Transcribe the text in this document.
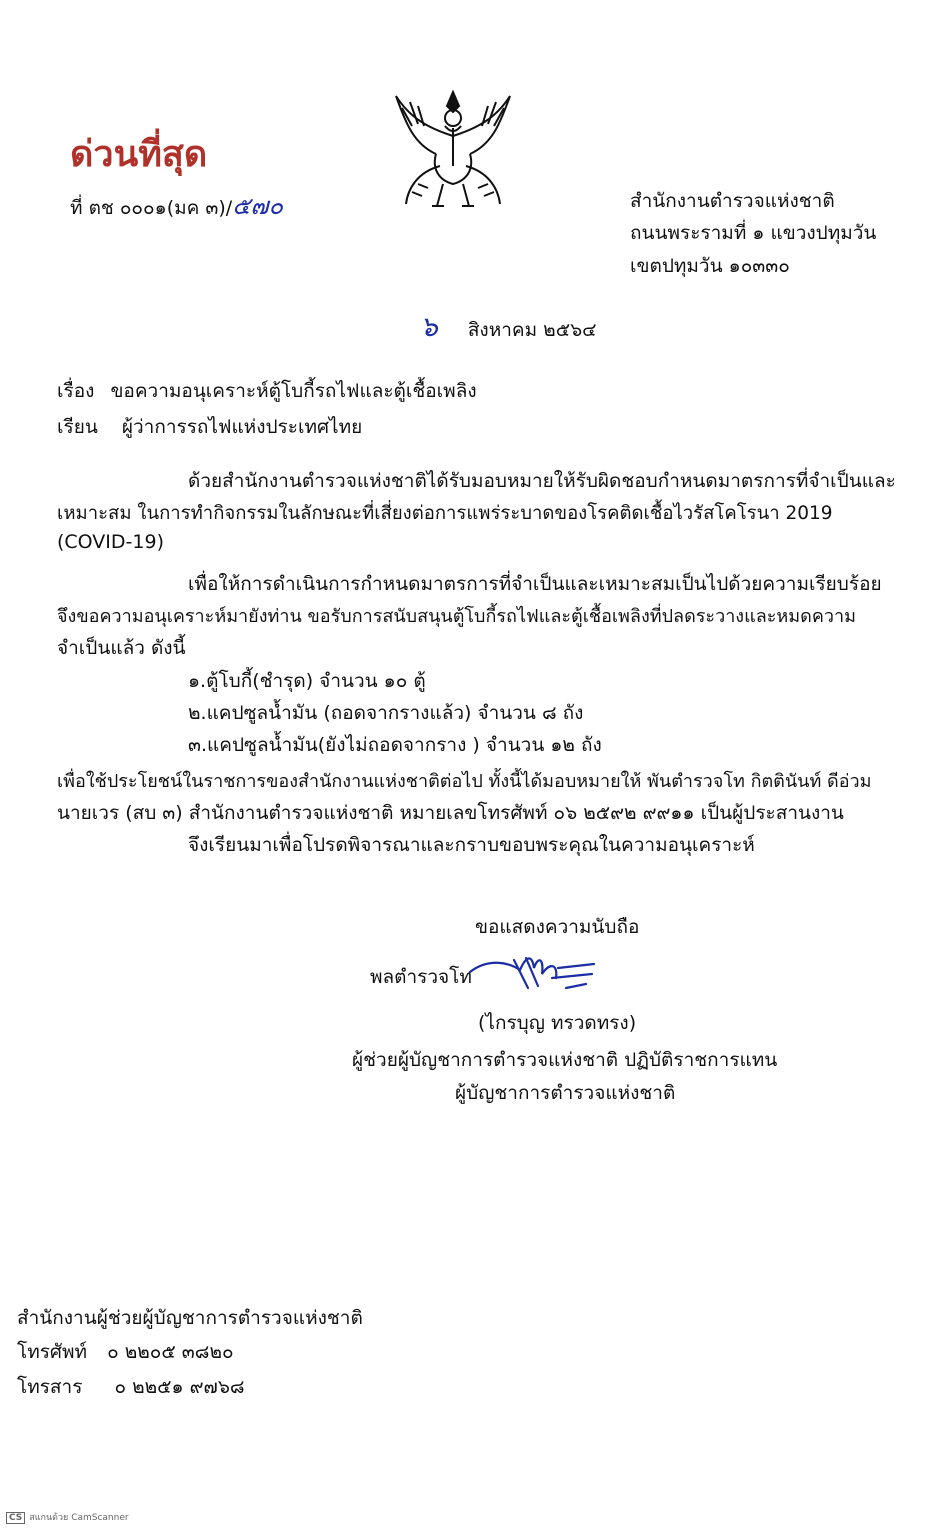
ด่วนที่สุด
ที่ ตช ๐๐๐๑(มค ๓)/๕๗๐	สำนักงานตำรวจแห่งชาติ
ถนนพระรามที่ ๑ แขวงปทุมวัน
เขตปทุมวัน ๑๐๓๓๐
๖ สิงหาคม ๒๕๖๔
เรื่อง ขอความอนุเคราะห์ตู้โบกี้รถไฟและตู้เชื้อเพลิง
เรียน ผู้ว่าการรถไฟแห่งประเทศไทย
ด้วยสำนักงานตำรวจแห่งชาติได้รับมอบหมายให้รับผิดชอบกำหนดมาตรการที่จำเป็นและ
เหมาะสม ในการทำกิจกรรมในลักษณะที่เสี่ยงต่อการแพร่ระบาดของโรคติดเชื้อไวรัสโคโรนา 2019
(COVID-19)
เพื่อให้การดำเนินการกำหนดมาตรการที่จำเป็นและเหมาะสมเป็นไปด้วยความเรียบร้อย
จึงขอความอนุเคราะห์มายังท่าน ขอรับการสนับสนุนตู้โบกี้รถไฟและตู้เชื้อเพลิงที่ปลดระวางและหมดความ
จำเป็นแล้ว ดังนี้
๑.ตู้โบกี้(ชำรุด) จำนวน ๑๐ ตู้
๒.แคปซูลน้ำมัน (ถอดจากรางแล้ว) จำนวน ๘ ถัง
๓.แคปซูลน้ำมัน(ยังไม่ถอดจากราง ) จำนวน ๑๒ ถัง
เพื่อใช้ประโยชน์ในราชการของสำนักงานแห่งชาติต่อไป ทั้งนี้ได้มอบหมายให้ พันตำรวจโท กิตตินันท์ ดีอ่วม
นายเวร (สบ ๓) สำนักงานตำรวจแห่งชาติ หมายเลขโทรศัพท์ ๐๖ ๒๕๙๒ ๙๙๑๑ เป็นผู้ประสานงาน
จึงเรียนมาเพื่อโปรดพิจารณาและกราบขอบพระคุณในความอนุเคราะห์
ขอแสดงความนับถือ
พลตำรวจโท
(ไกรบุญ ทรวดทรง)
ผู้ช่วยผู้บัญชาการตำรวจแห่งชาติ ปฏิบัติราชการแทน
ผู้บัญชาการตำรวจแห่งชาติ
สำนักงานผู้ช่วยผู้บัญชาการตำรวจแห่งชาติ
โทรศัพท์ ๐ ๒๒๐๕ ๓๘๒๐
โทรสาร ๐ ๒๒๕๑ ๙๗๖๘
CS สแกนด้วย CamScanner
